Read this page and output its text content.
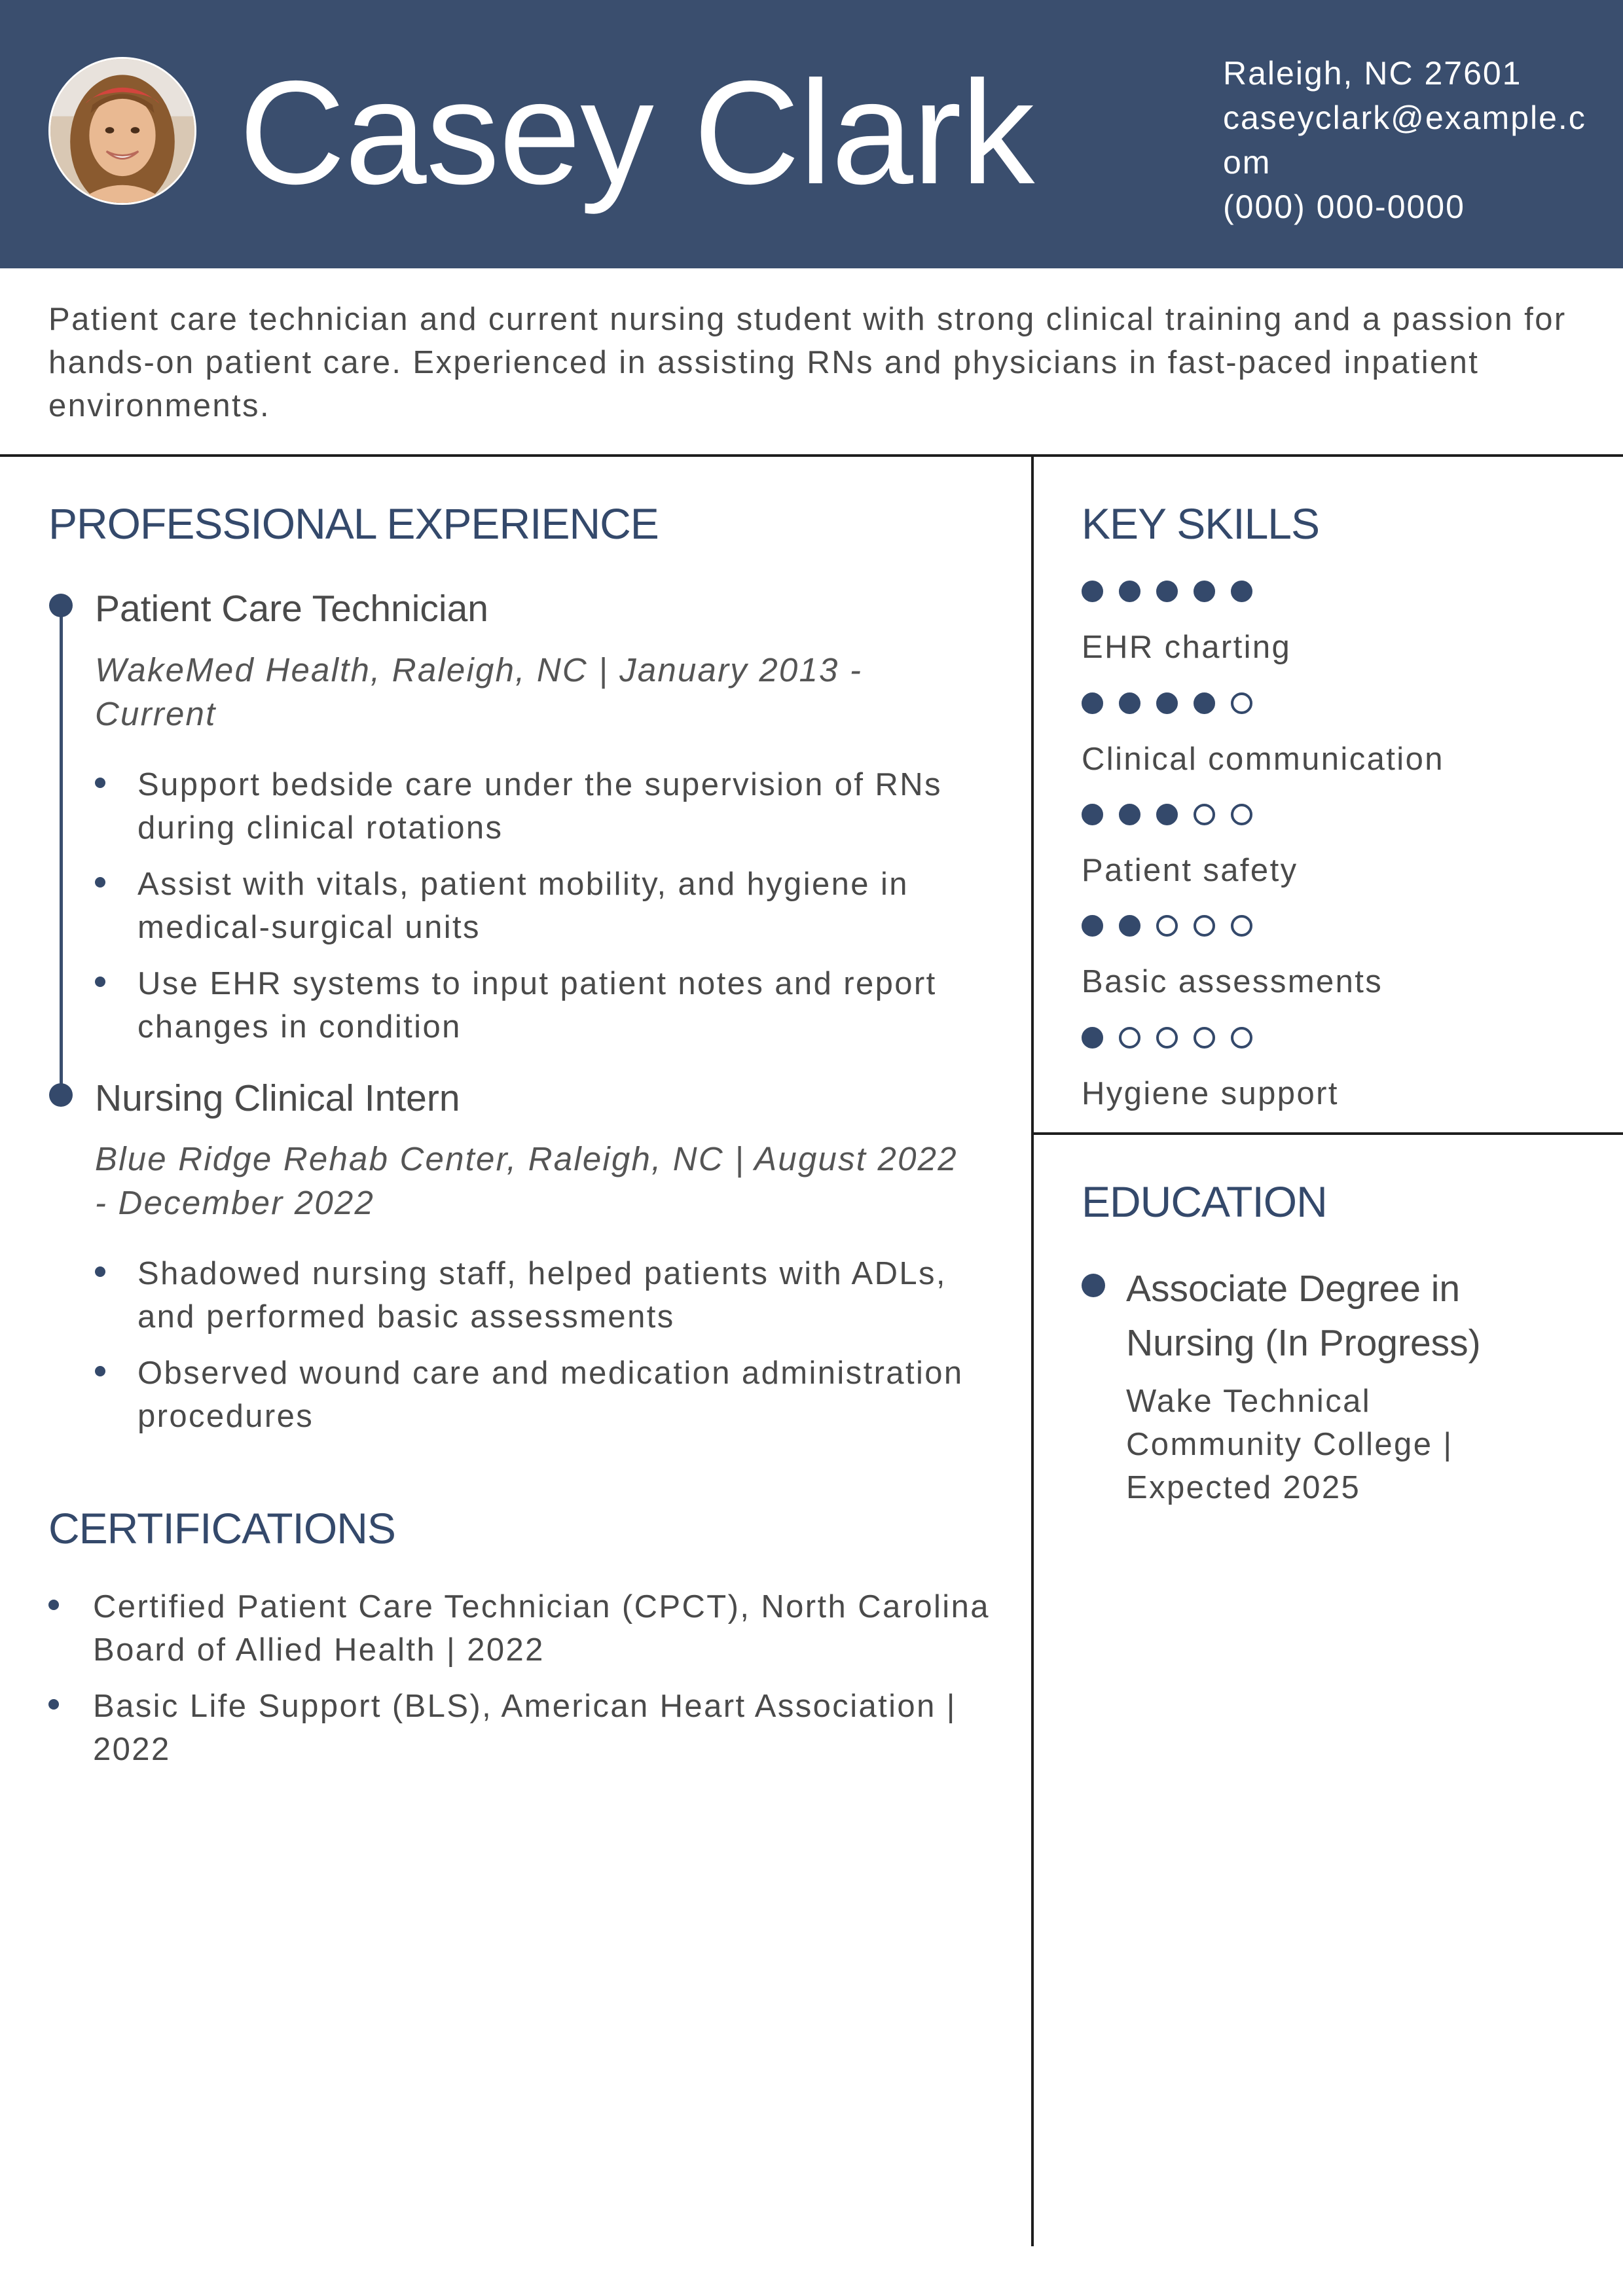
Casey Clark	Raleigh, NC 27601
caseyclark@example.com
(000) 000-0000
Patient care technician and current nursing student with strong clinical training and a passion for hands-on patient care. Experienced in assisting RNs and physicians in fast-paced inpatient environments.
PROFESSIONAL EXPERIENCE
Patient Care Technician
WakeMed Health, Raleigh, NC | January 2013 - Current
Support bedside care under the supervision of RNs during clinical rotations
Assist with vitals, patient mobility, and hygiene in medical-surgical units
Use EHR systems to input patient notes and report changes in condition
Nursing Clinical Intern
Blue Ridge Rehab Center, Raleigh, NC | August 2022 - December 2022
Shadowed nursing staff, helped patients with ADLs, and performed basic assessments
Observed wound care and medication administration procedures
CERTIFICATIONS
Certified Patient Care Technician (CPCT), North Carolina Board of Allied Health | 2022
Basic Life Support (BLS), American Heart Association | 2022
KEY SKILLS
EHR charting
Clinical communication
Patient safety
Basic assessments
Hygiene support
EDUCATION
Associate Degree in Nursing (In Progress)
Wake Technical Community College | Expected 2025
